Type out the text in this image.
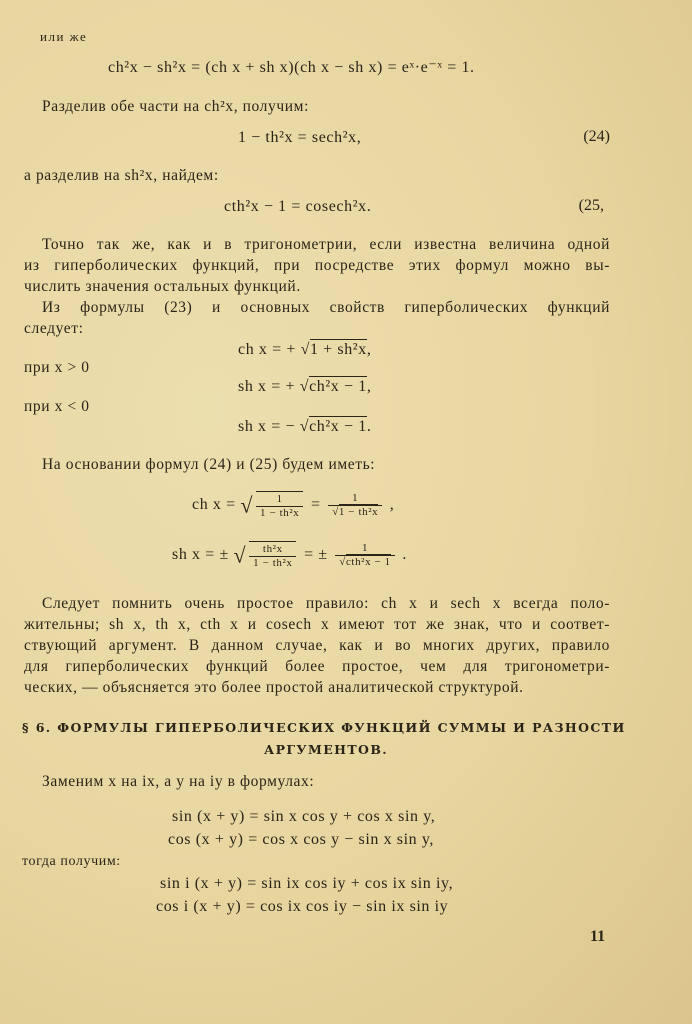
или же
ch²x − sh²x = (ch x + sh x)(ch x − sh x) = eˣ·e⁻ˣ = 1.
Разделив обе части на ch²x, получим:
1 − th²x = sech²x,	(24)
а разделив на sh²x, найдем:
cth²x − 1 = cosech²x.	(25,
Точно так же, как и в тригонометрии, если известна величина одной
из гиперболических функций, при посредстве этих формул можно вы-
числить значения остальных функций.
Из формулы (23) и основных свойств гиперболических функций
следует:
ch x = + √1 + sh²x,
при x > 0
sh x = + √ch²x − 1,
при x < 0
sh x = − √ch²x − 1.
На основании формул (24) и (25) будем иметь:
ch x = √ $\frac{1}{\text{1 − th²x}} = \frac{1}{\text{√1 − th²x}}$ ,
sh x = ± √ $\frac{\text{th²x}}{\text{1 − th²x}}$ = ± $\frac{1}{\text{√cth²x − 1}}$ .
Следует помнить очень простое правило: ch x и sech x всегда поло-
жительны; sh x, th x, cth x и cosech x имеют тот же знак, что и соответ-
ствующий аргумент. В данном случае, как и во многих других, правило
для гиперболических функций более простое, чем для тригонометри-
ческих, — объясняется это более простой аналитической структурой.
§ 6. ФОРМУЛЫ ГИПЕРБОЛИЧЕСКИХ ФУНКЦИЙ СУММЫ И РАЗНОСТИ
АРГУМЕНТОВ.
Заменим x на ix, а y на iy в формулах:
sin (x + y) = sin x cos y + cos x sin y,
cos (x + y) = cos x cos y − sin x sin y,
тогда получим:
sin i (x + y) = sin ix cos iy + cos ix sin iy,
cos i (x + y) = cos ix cos iy − sin ix sin iy
11
